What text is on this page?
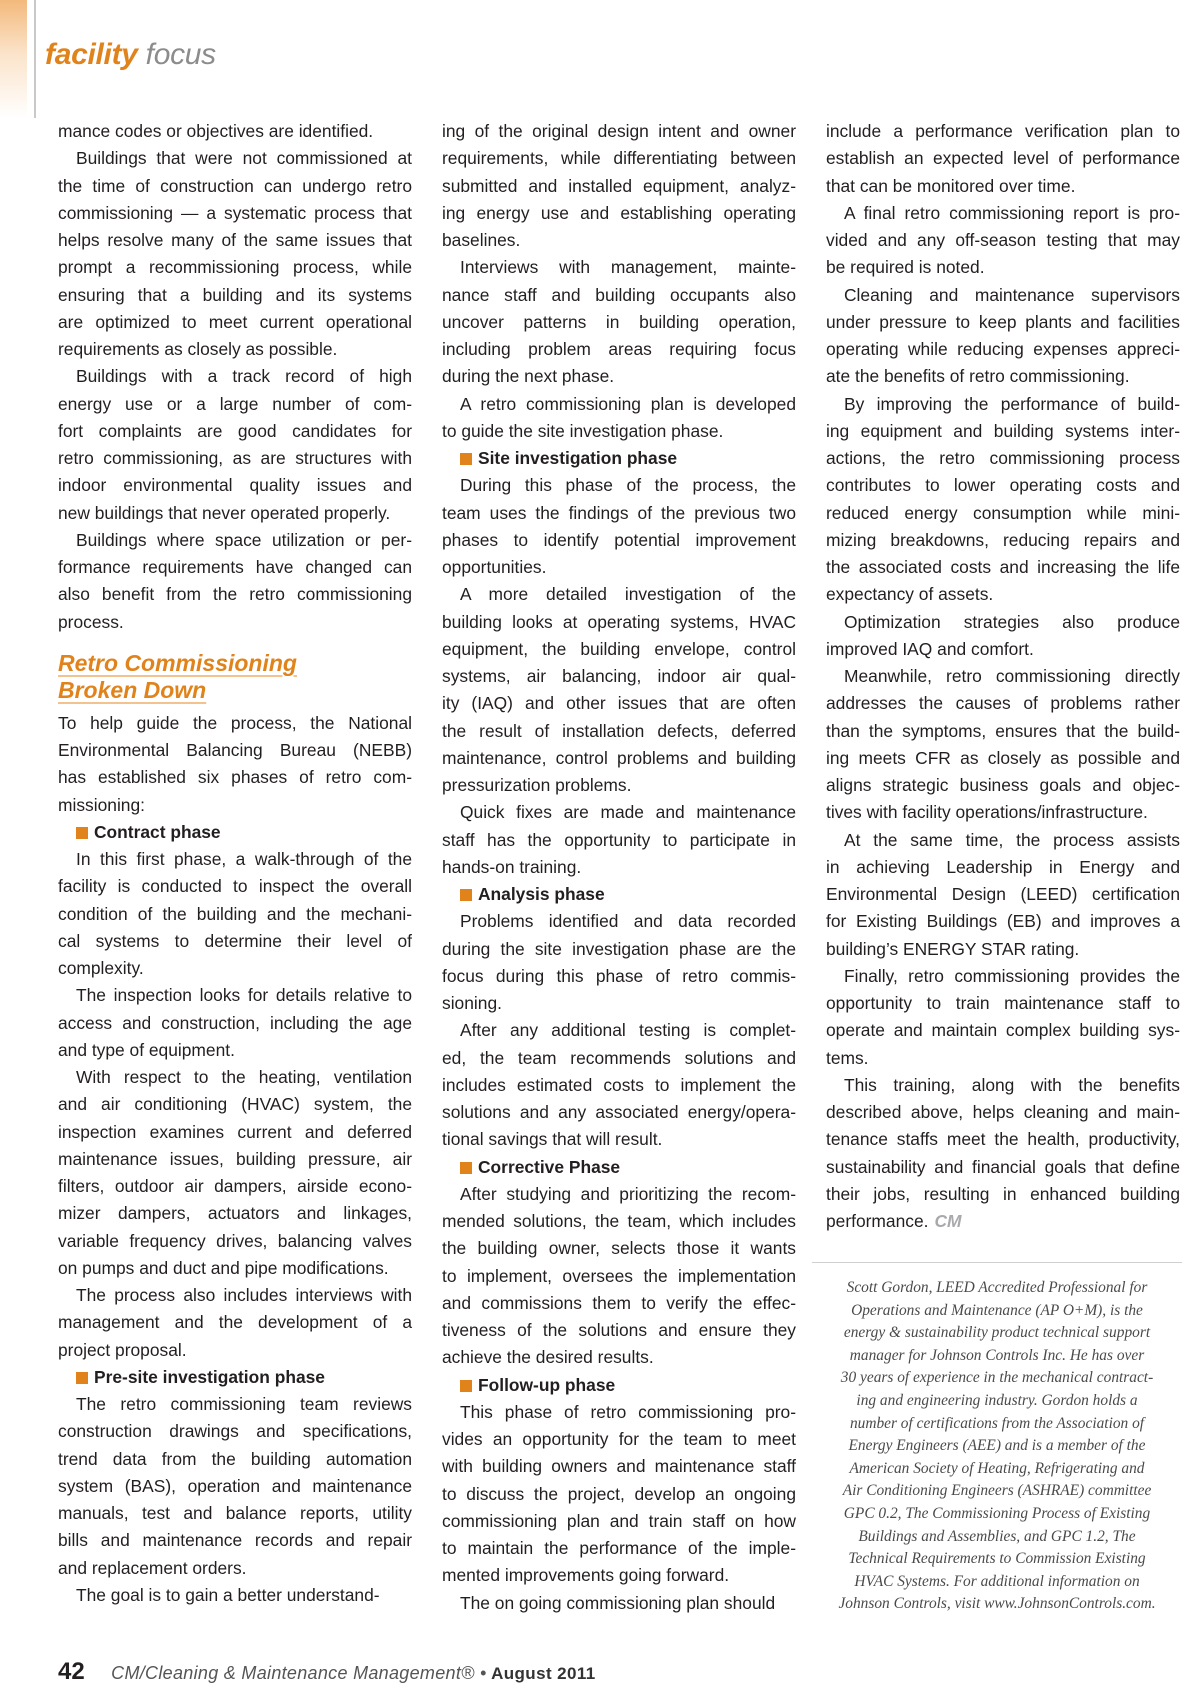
facility focus
mance codes or objectives are identified.
Buildings that were not commissioned at
the time of construction can undergo retro
commissioning — a systematic process that
helps resolve many of the same issues that
prompt a recommissioning process, while
ensuring that a building and its systems
are optimized to meet current operational
requirements as closely as possible.
Buildings with a track record of high
energy use or a large number of com-
fort complaints are good candidates for
retro commissioning, as are structures with
indoor environmental quality issues and
new buildings that never operated properly.
Buildings where space utilization or per-
formance requirements have changed can
also benefit from the retro commissioning
process.
Retro Commissioning
Broken Down
To help guide the process, the National
Environmental Balancing Bureau (NEBB)
has established six phases of retro com-
missioning:
Contract phase
In this first phase, a walk-through of the
facility is conducted to inspect the overall
condition of the building and the mechani-
cal systems to determine their level of
complexity.
The inspection looks for details relative to
access and construction, including the age
and type of equipment.
With respect to the heating, ventilation
and air conditioning (HVAC) system, the
inspection examines current and deferred
maintenance issues, building pressure, air
filters, outdoor air dampers, airside econo-
mizer dampers, actuators and linkages,
variable frequency drives, balancing valves
on pumps and duct and pipe modifications.
The process also includes interviews with
management and the development of a
project proposal.
Pre-site investigation phase
The retro commissioning team reviews
construction drawings and specifications,
trend data from the building automation
system (BAS), operation and maintenance
manuals, test and balance reports, utility
bills and maintenance records and repair
and replacement orders.
The goal is to gain a better understand-
ing of the original design intent and owner
requirements, while differentiating between
submitted and installed equipment, analyz-
ing energy use and establishing operating
baselines.
Interviews with management, mainte-
nance staff and building occupants also
uncover patterns in building operation,
including problem areas requiring focus
during the next phase.
A retro commissioning plan is developed
to guide the site investigation phase.
Site investigation phase
During this phase of the process, the
team uses the findings of the previous two
phases to identify potential improvement
opportunities.
A more detailed investigation of the
building looks at operating systems, HVAC
equipment, the building envelope, control
systems, air balancing, indoor air qual-
ity (IAQ) and other issues that are often
the result of installation defects, deferred
maintenance, control problems and building
pressurization problems.
Quick fixes are made and maintenance
staff has the opportunity to participate in
hands-on training.
Analysis phase
Problems identified and data recorded
during the site investigation phase are the
focus during this phase of retro commis-
sioning.
After any additional testing is complet-
ed, the team recommends solutions and
includes estimated costs to implement the
solutions and any associated energy/opera-
tional savings that will result.
Corrective Phase
After studying and prioritizing the recom-
mended solutions, the team, which includes
the building owner, selects those it wants
to implement, oversees the implementation
and commissions them to verify the effec-
tiveness of the solutions and ensure they
achieve the desired results.
Follow-up phase
This phase of retro commissioning pro-
vides an opportunity for the team to meet
with building owners and maintenance staff
to discuss the project, develop an ongoing
commissioning plan and train staff on how
to maintain the performance of the imple-
mented improvements going forward.
The on going commissioning plan should
include a performance verification plan to
establish an expected level of performance
that can be monitored over time.
A final retro commissioning report is pro-
vided and any off-season testing that may
be required is noted.
Cleaning and maintenance supervisors
under pressure to keep plants and facilities
operating while reducing expenses appreci-
ate the benefits of retro commissioning.
By improving the performance of build-
ing equipment and building systems inter-
actions, the retro commissioning process
contributes to lower operating costs and
reduced energy consumption while mini-
mizing breakdowns, reducing repairs and
the associated costs and increasing the life
expectancy of assets.
Optimization strategies also produce
improved IAQ and comfort.
Meanwhile, retro commissioning directly
addresses the causes of problems rather
than the symptoms, ensures that the build-
ing meets CFR as closely as possible and
aligns strategic business goals and objec-
tives with facility operations/infrastructure.
At the same time, the process assists
in achieving Leadership in Energy and
Environmental Design (LEED) certification
for Existing Buildings (EB) and improves a
building’s ENERGY STAR rating.
Finally, retro commissioning provides the
opportunity to train maintenance staff to
operate and maintain complex building sys-
tems.
This training, along with the benefits
described above, helps cleaning and main-
tenance staffs meet the health, productivity,
sustainability and financial goals that define
their jobs, resulting in enhanced building
performance. CM
Scott Gordon, LEED Accredited Professional for
Operations and Maintenance (AP O+M), is the
energy & sustainability product technical support
manager for Johnson Controls Inc. He has over
30 years of experience in the mechanical contract-
ing and engineering industry. Gordon holds a
number of certifications from the Association of
Energy Engineers (AEE) and is a member of the
American Society of Heating, Refrigerating and
Air Conditioning Engineers (ASHRAE) committee
GPC 0.2, The Commissioning Process of Existing
Buildings and Assemblies, and GPC 1.2, The
Technical Requirements to Commission Existing
HVAC Systems. For additional information on
Johnson Controls, visit www.JohnsonControls.com.
42 CM/Cleaning & Maintenance Management® • August 2011
